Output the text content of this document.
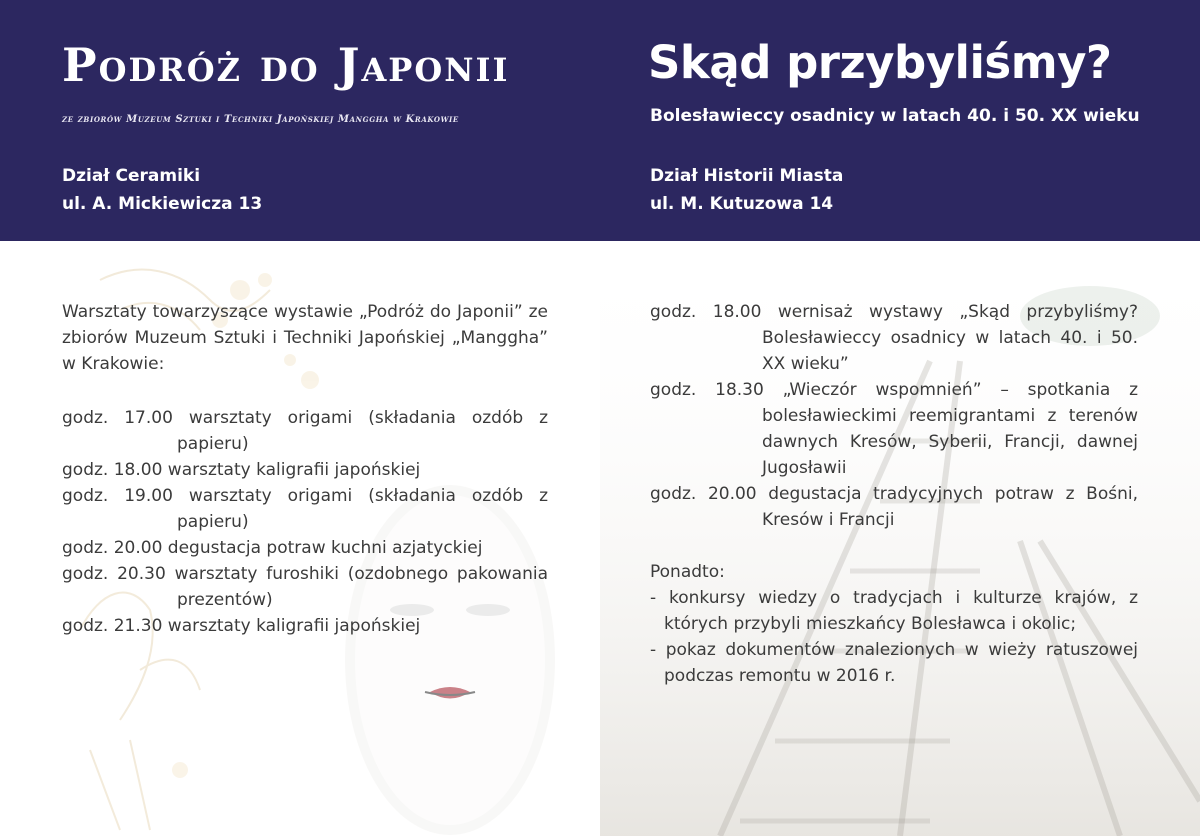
Podróż do Japonii
ze zbiorów Muzeum Sztuki i Techniki Japońskiej Manggha w Krakowie
Skąd przybyliśmy?
Bolesławieccy osadnicy w latach 40. i 50. XX wieku
Dział Ceramiki
ul. A. Mickiewicza 13
Dział Historii Miasta
ul. M. Kutuzowa 14

Warsztaty towarzyszące wystawie „Podróż do Japonii” ze zbiorów Muzeum Sztuki i Techniki Japońskiej „Manggha” w Krakowie:

godz. 17.00 warsztaty origami (składania ozdób z papieru)

godz. 18.00 warsztaty kaligrafii japońskiej

godz. 19.00 warsztaty origami (składania ozdób z papieru)

godz. 20.00 degustacja potraw kuchni azjatyckiej

godz. 20.30 warsztaty furoshiki (ozdobnego pakowania prezentów)

godz. 21.30 warsztaty kaligrafii japońskiej

godz. 18.00 wernisaż wystawy „Skąd przybyliśmy? Bolesławieccy osadnicy w latach 40. i 50. XX wieku”

godz. 18.30 „Wieczór wspomnień” – spotkania z bolesławieckimi reemigrantami z terenów dawnych Kresów, Syberii, Francji, dawnej Jugosławii

godz. 20.00 degustacja tradycyjnych potraw z Bośni, Kresów i Francji

Ponadto:

- konkursy wiedzy o tradycjach i kulturze krajów, z których przybyli mieszkańcy Bolesławca i okolic;

- pokaz dokumentów znalezionych w wieży ratuszowej podczas remontu w 2016 r.
